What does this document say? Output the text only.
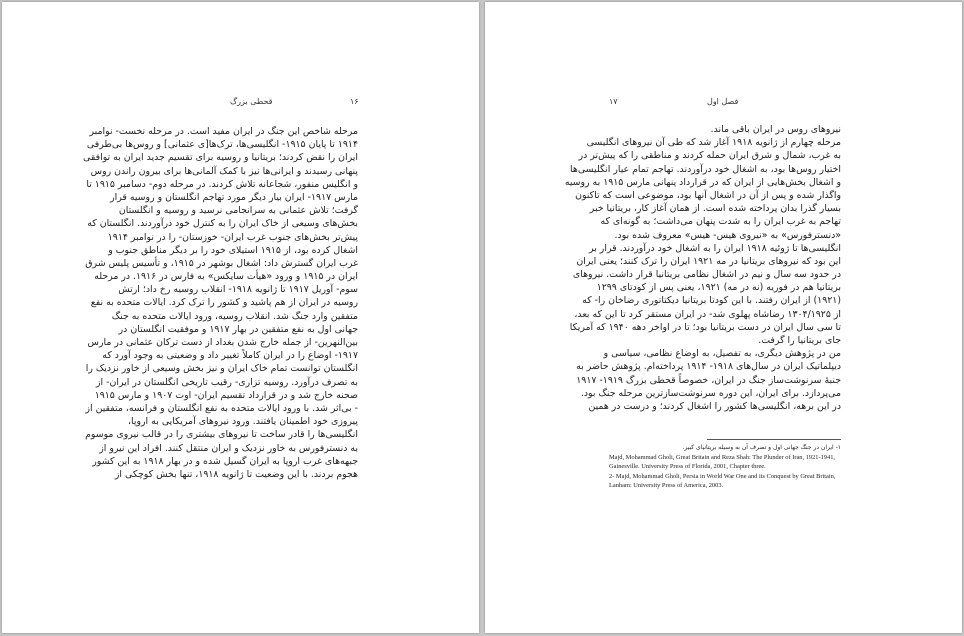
۱۶
قحطی بزرگ
مرحله شاخص این جنگ در ایران مفید است. در مرحله نخست- نوامبر
۱۹۱۴ تا پایان ۱۹۱۵- انگلیسی‌ها، ترک‌ها[ی عثمانی] و روس‌ها بی‌طرفی
ایران را نقض کردند؛ بریتانیا و روسیه برای تقسیم جدید ایران به توافقی
پنهانی رسیدند و ایرانی‌ها نیز با کمک آلمانی‌ها برای بیرون راندن روس
و انگلیس منفور، شجاعانه تلاش کردند. در مرحله دوم- دسامبر ۱۹۱۵ تا
مارس ۱۹۱۷- ایران بیار دیگر مورد تهاجم انگلستان و روسیه قرار
گرفت؛ تلاش عثمانی به سرانجامی نرسید و روسیه و انگلستان
بخش‌های وسیعی از خاک ایران را به کنترل خود درآوردند. انگلستان که
پیش‌تر بخش‌های جنوب غرب ایران- خوزستان- را در نوامبر ۱۹۱۴
اشغال کرده بود، از ۱۹۱۵ استیلای خود را بر دیگر مناطق جنوب و
غرب ایران گسترش داد: اشغال بوشهر در ۱۹۱۵، و تأسیس پلیس شرق
ایران در ۱۹۱۵ و ورود «هیأت سایکس» به فارس در ۱۹۱۶. در مرحله
سوم- آوریل ۱۹۱۷ تا ژانویه ۱۹۱۸- انقلاب روسیه رخ داد؛ ارتش
روسیه در ایران از هم پاشید و کشور را ترک کرد. ایالات متحده به نفع
متفقین وارد جنگ شد. انقلاب روسیه، ورود ایالات متحده به جنگ
جهانی اول به نفع متفقین در بهار ۱۹۱۷ و موفقیت انگلستان در
بین‌النهرین- از جمله خارج شدن بغداد از دست ترکان عثمانی در مارس
۱۹۱۷- اوضاع را در ایران کاملاً تغییر داد و وضعیتی به وجود آورد که
انگلستان توانست تمام خاک ایران و نیز بخش وسیعی از خاور نزدیک را
به تصرف درآورد. روسیه تزاری- رقیب تاریخی انگلستان در ایران- از
صحنه خارج شد و در قرارداد تقسیم ایران- اوت ۱۹۰۷ و مارس ۱۹۱۵
- بی‌اثر شد. با ورود ایالات متحده به نفع انگلستان و فرانسه، متفقین از
پیروزی خود اطمینان یافتند. ورود نیروهای آمریکایی به اروپا،
انگلیسی‌ها را قادر ساخت تا نیروهای بیشتری را در قالب نیروی موسوم
به دنسترفورس به خاور نزدیک و ایران منتقل کنند. افراد این نیرو از
جبهه‌های غرب اروپا به ایران گسیل شده و در بهار ۱۹۱۸ به این کشور
هجوم بردند. با این وضعیت تا ژانویه ۱۹۱۸، تنها بخش کوچکی از
فصل اول
۱۷
نیروهای روس در ایران باقی ماند.
مرحله چهارم از ژانویه ۱۹۱۸ آغاز شد که طی آن نیروهای انگلیسی
به غرب، شمال و شرق ایران حمله کردند و مناطقی را که پیش‌تر در
اختیار روس‌ها بود، به اشغال خود درآوردند. تهاجم تمام عیار انگلیسی‌ها
و اشغال بخش‌هایی از ایران که در قرارداد پنهانی مارس ۱۹۱۵ به روسیه
واگذار شده و پس از آن در اشغال آنها بود، موضوعی است که تاکنون
بسیار گذرا بدان پرداخته شده است. از همان آغاز کار، بریتانیا خبر
تهاجم به غرب ایران را به شدت پنهان می‌داشت؛ به گونه‌ای که
«دنسترفورس» به «نیروی هیس- هیس» معروف شده بود.
انگلیسی‌ها تا ژوئیه ۱۹۱۸ ایران را به اشغال خود درآوردند. قرار بر
این بود که نیروهای بریتانیا در مه ۱۹۲۱ ایران را ترک کنند؛ یعنی ایران
در حدود سه سال و نیم در اشغال نظامی بریتانیا قرار داشت. نیروهای
بریتانیا هم در فوریه (نه در مه) ۱۹۲۱، یعنی پس از کودتای ۱۲۹۹
(۱۹۲۱) از ایران رفتند. با این کودتا بریتانیا دیکتاتوری رضاخان را- که
از ۱۳۰۴/۱۹۲۵ رضاشاه پهلوی شد- در ایران مستقر کرد تا این که بعد،
تا سی سال ایران در دست بریتانیا بود؛ تا در اواخر دهه ۱۹۴۰ که آمریکا
جای بریتانیا را گرفت.
من در پژوهش دیگری، به تفصیل، به اوضاع نظامی، سیاسی و
دیپلماتیک ایران در سال‌های ۱۹۱۸- ۱۹۱۴ پرداخته‌ام. پژوهش حاضر به
جنبهٔ سرنوشت‌ساز جنگ در ایران، خصوصاً قحطی بزرگ ۱۹۱۹- ۱۹۱۷
می‌پردازد. برای ایران، این دوره سرنوشت‌سازترین مرحله جنگ بود.
در این برهه، انگلیسی‌ها کشور را اشغال کردند؛ و درست در همین
۱- ایران در جنگ جهانی اول و تصرف آن به وسیله بریتانیای کبیر.
Majd, Mohammad Gholi, Great Britain and Reza Shah: The Plunder of Iran, 1921-1941, Gainesville. University Press of Florida, 2001, Chapter three.
2- Majd, Mohammad Gholi, Persia in World War One and its Conquest by Great Britain, Lanham: University Press of America, 2003.
